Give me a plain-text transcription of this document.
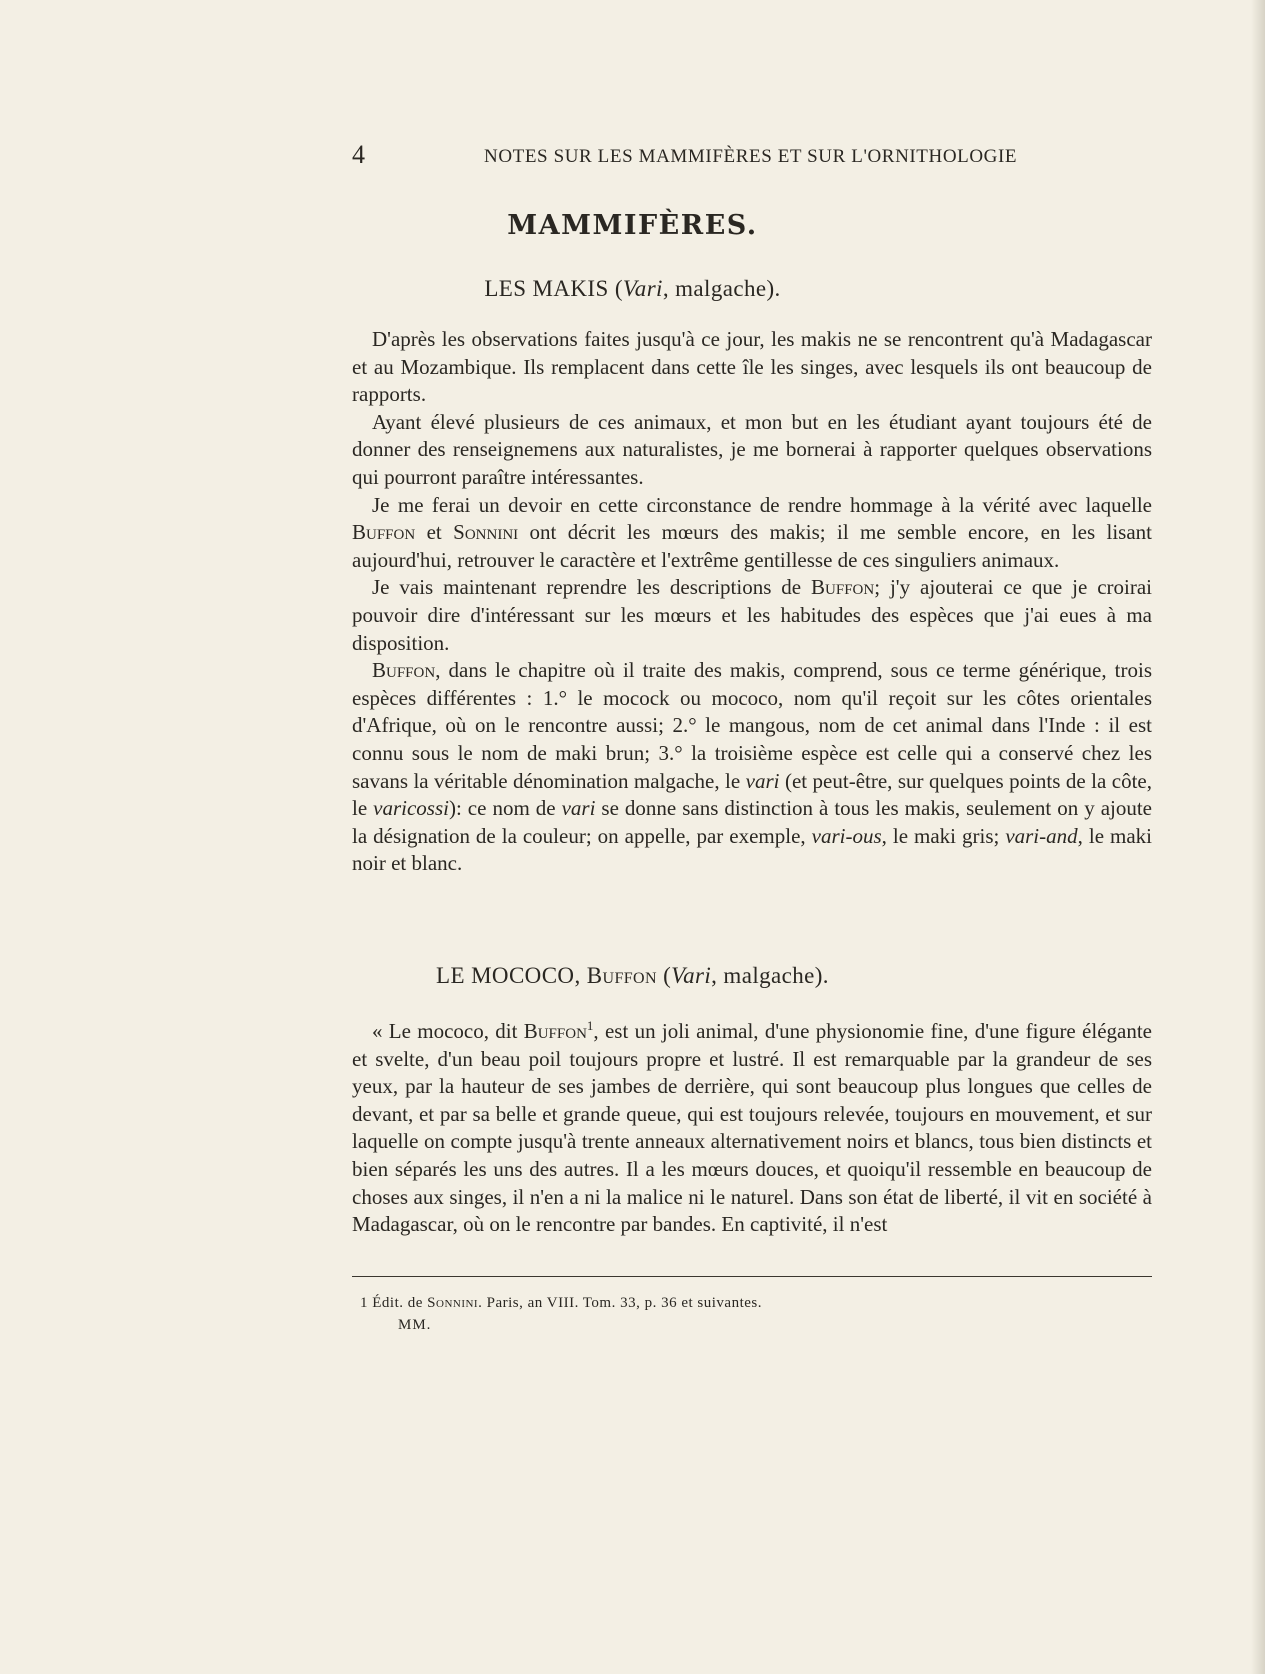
4	NOTES SUR LES MAMMIFÈRES ET SUR L'ORNITHOLOGIE
MAMMIFÈRES.
LES MAKIS (Vari, malgache).

D'après les observations faites jusqu'à ce jour, les makis ne se rencontrent qu'à Madagascar et au Mozambique. Ils remplacent dans cette île les singes, avec lesquels ils ont beaucoup de rapports.

Ayant élevé plusieurs de ces animaux, et mon but en les étudiant ayant toujours été de donner des renseignemens aux naturalistes, je me bornerai à rapporter quelques observations qui pourront paraître intéressantes.

Je me ferai un devoir en cette circonstance de rendre hommage à la vérité avec laquelle Buffon et Sonnini ont décrit les mœurs des makis; il me semble encore, en les lisant aujourd'hui, retrouver le caractère et l'extrême gentillesse de ces singuliers animaux.

Je vais maintenant reprendre les descriptions de Buffon; j'y ajouterai ce que je croirai pouvoir dire d'intéressant sur les mœurs et les habitudes des espèces que j'ai eues à ma disposition.

Buffon, dans le chapitre où il traite des makis, comprend, sous ce terme générique, trois espèces différentes : 1.° le mocock ou mococo, nom qu'il reçoit sur les côtes orientales d'Afrique, où on le rencontre aussi; 2.° le mangous, nom de cet animal dans l'Inde : il est connu sous le nom de maki brun; 3.° la troisième espèce est celle qui a conservé chez les savans la véritable dénomination malgache, le vari (et peut-être, sur quelques points de la côte, le varicossi): ce nom de vari se donne sans distinction à tous les makis, seulement on y ajoute la désignation de la couleur; on appelle, par exemple, vari-ous, le maki gris; vari-and, le maki noir et blanc.

LE MOCOCO, Buffon (Vari, malgache).

« Le mococo, dit Buffon$^1$, est un joli animal, d'une physionomie fine, d'une figure élégante et svelte, d'un beau poil toujours propre et lustré. Il est remarquable par la grandeur de ses yeux, par la hauteur de ses jambes de derrière, qui sont beaucoup plus longues que celles de devant, et par sa belle et grande queue, qui est toujours relevée, toujours en mouvement, et sur laquelle on compte jusqu'à trente anneaux alternativement noirs et blancs, tous bien distincts et bien séparés les uns des autres. Il a les mœurs douces, et quoiqu'il ressemble en beaucoup de choses aux singes, il n'en a ni la malice ni le naturel. Dans son état de liberté, il vit en société à Madagascar, où on le rencontre par bandes. En captivité, il n'est

1 Édit. de Sonnini. Paris, an VIII. Tom. 33, p. 36 et suivantes.
MM.
